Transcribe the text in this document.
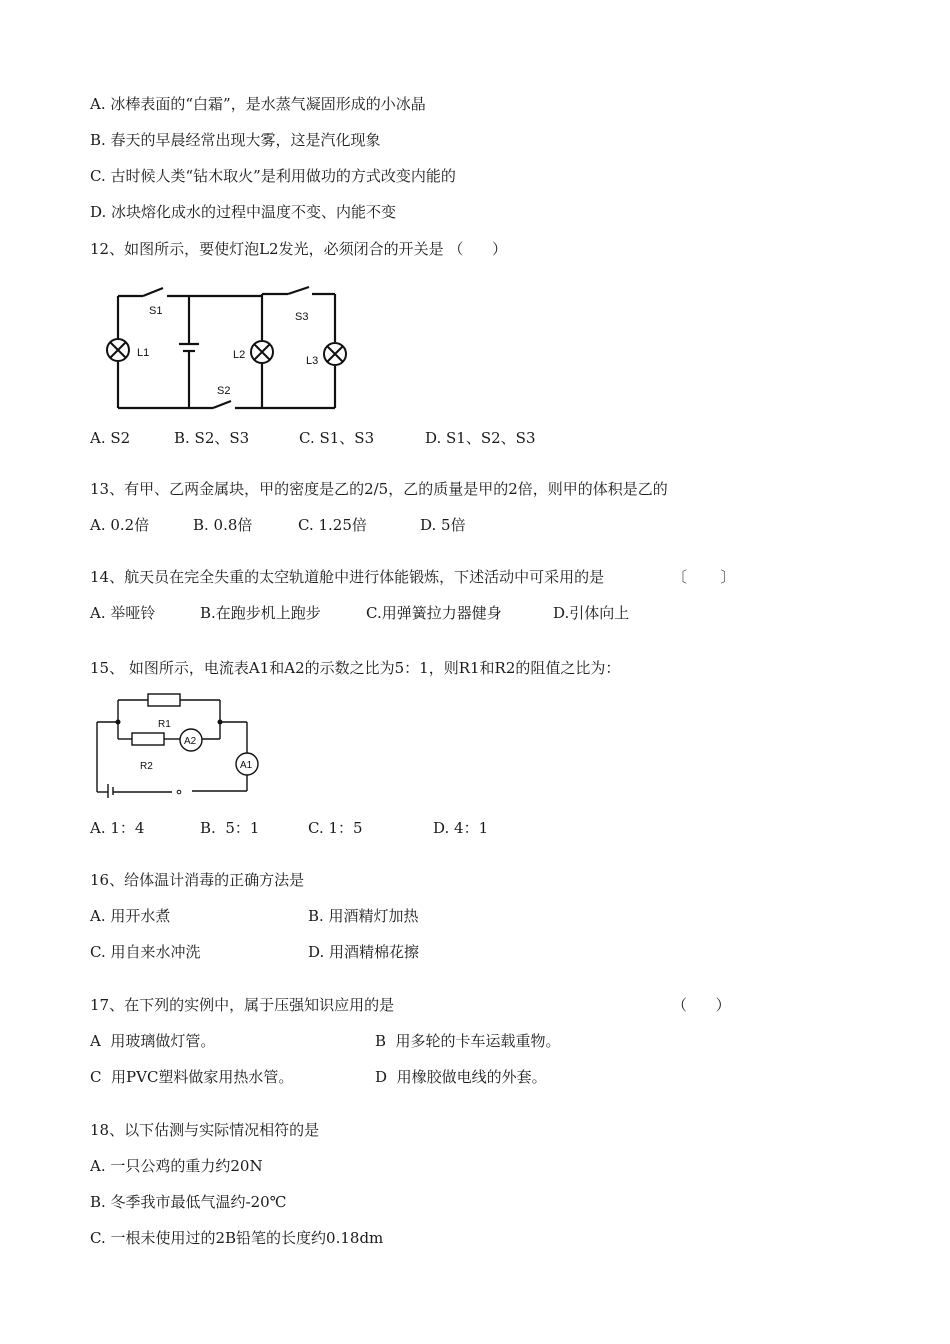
A. 冰棒表面的“白霜”，是水蒸气凝固形成的小冰晶
B. 春天的早晨经常出现大雾，这是汽化现象
C. 古时候人类“钻木取火”是利用做功的方式改变内能的
D. 冰块熔化成水的过程中温度不变、内能不变
12、如图所示，要使灯泡L2发光，必须闭合的开关是 （      ）
S1
L1	L2
S3
L3
S2
A. S2	B. S2、S3	C. S1、S3	D. S1、S2、S3
13、有甲、乙两金属块，甲的密度是乙的2/5，乙的质量是甲的2倍，则甲的体积是乙的
A. 0.2倍	B. 0.8倍	C. 1.25倍	D. 5倍
14、航天员在完全失重的太空轨道舱中进行体能锻炼，下述活动中可采用的是	〔       〕
A. 举哑铃	B.在跑步机上跑步	C.用弹簧拉力器健身	D.引体向上
15、 如图所示，电流表A1和A2的示数之比为5：1，则R1和R2的阻值之比为：
R1
A2
R2	A1
A. 1：4	B.  5：1	C. 1：5	D. 4：1
16、给体温计消毒的正确方法是
A. 用开水煮	B. 用酒精灯加热
C. 用自来水冲洗	D. 用酒精棉花擦
17、在下列的实例中，属于压强知识应用的是	（      ）
A  用玻璃做灯管。	B  用多轮的卡车运载重物。
C  用PVC塑料做家用热水管。	D  用橡胶做电线的外套。
18、以下估测与实际情况相符的是
A. 一只公鸡的重力约20N
B. 冬季我市最低气温约-20℃
C. 一根未使用过的2B铅笔的长度约0.18dm
